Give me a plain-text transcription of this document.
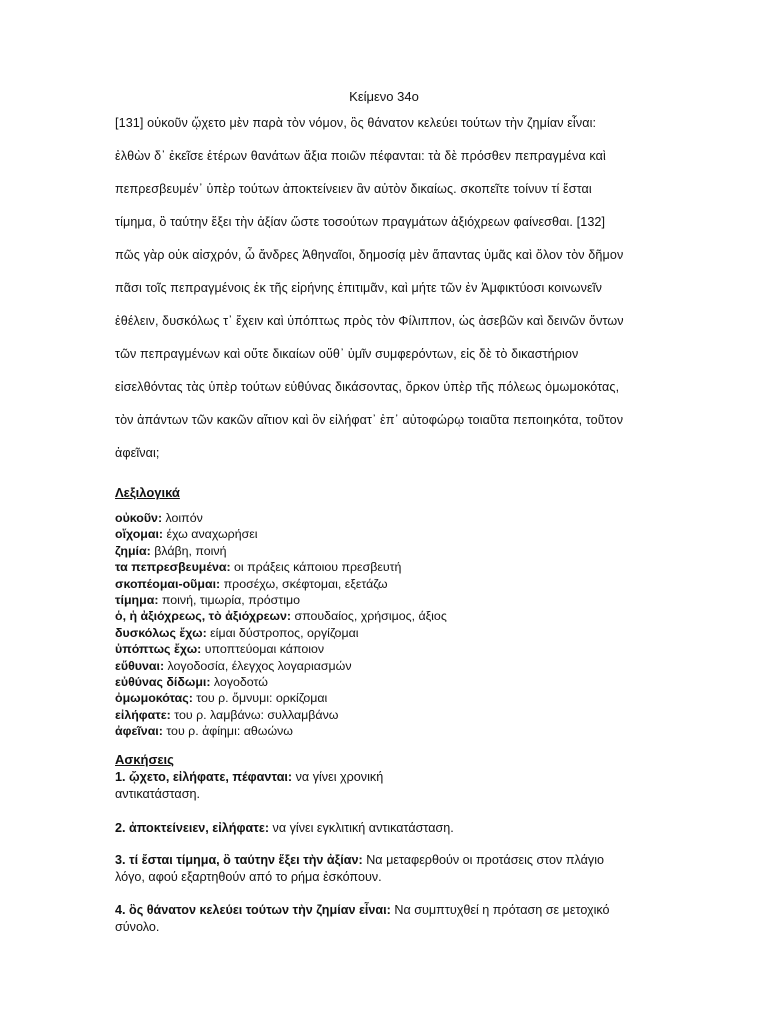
Κείμενο 34ο
[131] οὐκοῦν ᾤχετο μὲν παρὰ τὸν νόμον, ὃς θάνατον κελεύει τούτων τὴν ζημίαν εἶναι:
ἐλθὼν δ᾽ ἐκεῖσε ἑτέρων θανάτων ἄξια ποιῶν πέφανται: τὰ δὲ πρόσθεν πεπραγμένα καὶ
πεπρεσβευμέν᾽ ὑπὲρ τούτων ἀποκτείνειεν ἂν αὐτὸν δικαίως. σκοπεῖτε τοίνυν τί ἔσται
τίμημα, ὃ ταύτην ἕξει τὴν ἀξίαν ὥστε τοσούτων πραγμάτων ἀξιόχρεων φαίνεσθαι. [132]
πῶς γὰρ οὐκ αἰσχρόν, ὦ ἄνδρες Ἀθηναῖοι, δημοσίᾳ μὲν ἅπαντας ὑμᾶς καὶ ὅλον τὸν δῆμον
πᾶσι τοῖς πεπραγμένοις ἐκ τῆς εἰρήνης ἐπιτιμᾶν, καὶ μήτε τῶν ἐν Ἀμφικτύοσι κοινωνεῖν
ἐθέλειν, δυσκόλως τ᾽ ἔχειν καὶ ὑπόπτως πρὸς τὸν Φίλιππον, ὡς ἀσεβῶν καὶ δεινῶν ὄντων
τῶν πεπραγμένων καὶ οὔτε δικαίων οὔθ᾽ ὑμῖν συμφερόντων, εἰς δὲ τὸ δικαστήριον
εἰσελθόντας τὰς ὑπὲρ τούτων εὐθύνας δικάσοντας, ὅρκον ὑπὲρ τῆς πόλεως ὀμωμοκότας,
τὸν ἁπάντων τῶν κακῶν αἴτιον καὶ ὃν εἰλήφατ᾽ ἐπ᾽ αὐτοφώρῳ τοιαῦτα πεποιηκότα, τοῦτον
ἀφεῖναι;
Λεξιλογικά
οὐκοῦν: λοιπόν
οἴχομαι: έχω αναχωρήσει
ζημία: βλάβη, ποινή
τα πεπρεσβευμένα: οι πράξεις κάποιου πρεσβευτή
σκοπέομαι-οῦμαι: προσέχω, σκέφτομαι, εξετάζω
τίμημα: ποινή, τιμωρία, πρόστιμο
ὁ, ἡ ἀξιόχρεως, τὸ ἀξιόχρεων: σπουδαίος, χρήσιμος, άξιος
δυσκόλως ἔχω: είμαι δύστροπος, οργίζομαι
ὑπόπτως ἔχω: υποπτεύομαι κάποιον
εὔθυναι: λογοδοσία, έλεγχος λογαριασμών
εὐθύνας δίδωμι: λογοδοτώ
ὀμωμοκότας: του ρ. ὄμνυμι: ορκίζομαι
εἰλήφατε: του ρ. λαμβάνω: συλλαμβάνω
ἀφεῖναι: του ρ. ἀφίημι: αθωώνω
Ασκήσεις
1. ᾤχετο, εἰλήφατε, πέφανται: να γίνει χρονική
αντικατάσταση.
2. ἀποκτείνειεν, εἰλήφατε: να γίνει εγκλιτική αντικατάσταση.
3. τί ἔσται τίμημα, ὃ ταύτην ἕξει τὴν ἀξίαν: Να μεταφερθούν οι προτάσεις στον πλάγιο
λόγο, αφού εξαρτηθούν από το ρήμα ἐσκόπουν.
4. ὃς θάνατον κελεύει τούτων τὴν ζημίαν εἶναι: Να συμπτυχθεί η πρόταση σε μετοχικό
σύνολο.
